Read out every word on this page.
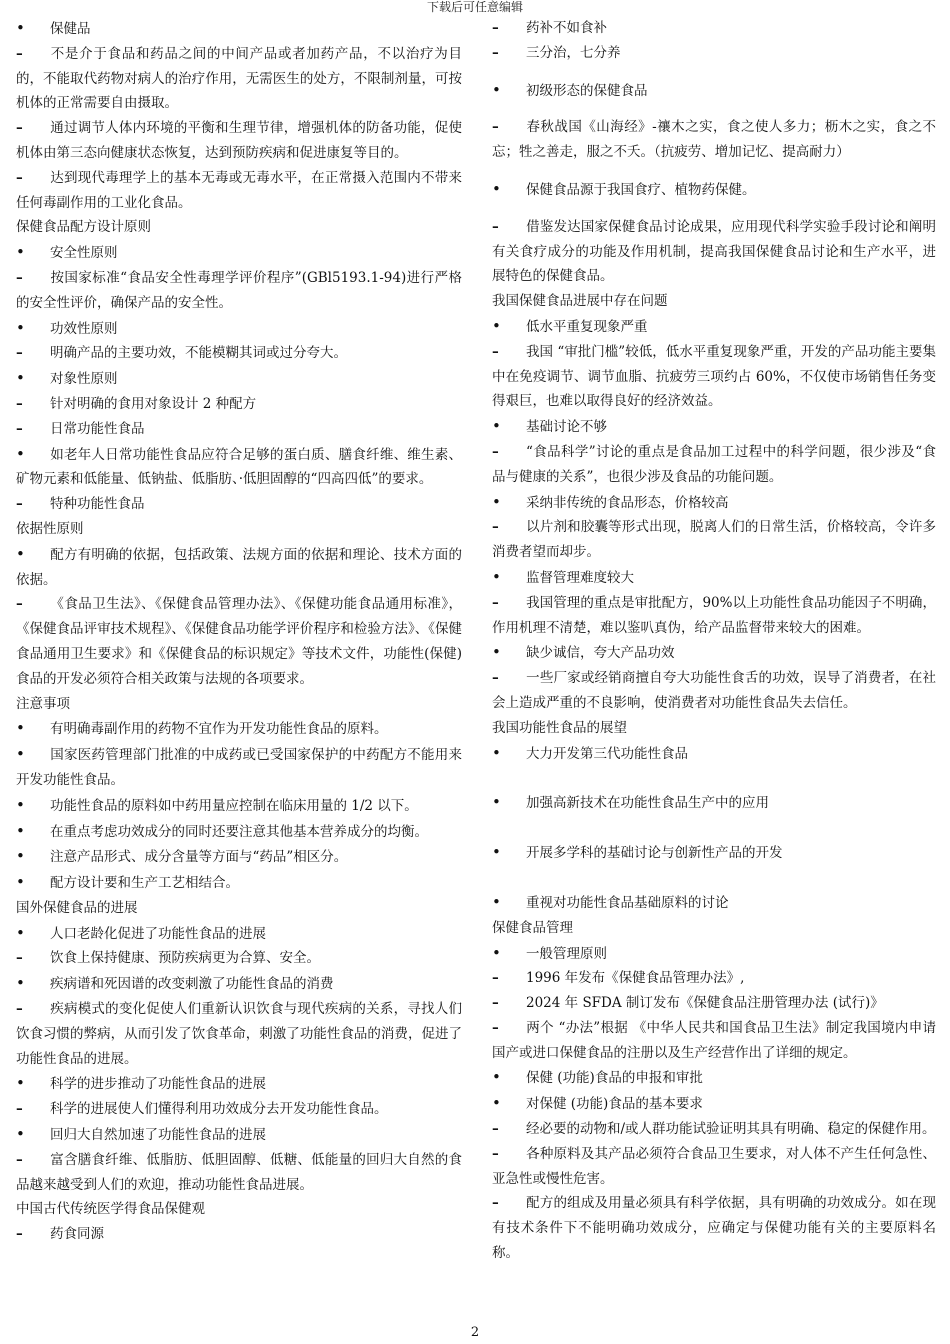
下载后可任意编辑

• 保健品

– 不是介于食品和药品之间的中间产品或者加药产品，不以治疗为目的，不能取代药物对病人的治疗作用，无需医生的处方，不限制剂量，可按机体的正常需要自由摄取。

– 通过调节人体内环境的平衡和生理节律，增强机体的防备功能，促使机体由第三态向健康状态恢复，达到预防疾病和促进康复等目的。

– 达到现代毒理学上的基本无毒或无毒水平，在正常摄入范围内不带来任何毒副作用的工业化食品。

保健食品配方设计原则

• 安全性原则

– 按国家标准“食品安全性毒理学评价程序”(GBl5193.1-94)进行严格的安全性评价，确保产品的安全性。

• 功效性原则

– 明确产品的主要功效，不能模糊其词或过分夸大。

• 对象性原则

– 针对明确的食用对象设计 2 种配方

– 日常功能性食品

• 如老年人日常功能性食品应符合足够的蛋白质、膳食纤维、维生素、矿物元素和低能量、低钠盐、低脂肪、·低胆固醇的“四高四低”的要求。

– 特种功能性食品

依据性原则

• 配方有明确的依据，包括政策、法规方面的依据和理论、技术方面的依据。

– 《食品卫生法》、《保健食品管理办法》、《保健功能食品通用标准》，《保健食品评审技术规程》、《保健食品功能学评价程序和检验方法》、《保健食品通用卫生要求》和《保健食品的标识规定》等技术文件，功能性(保健)食品的开发必须符合相关政策与法规的各项要求。

注意事项

• 有明确毒副作用的药物不宜作为开发功能性食品的原料。

• 国家医药管理部门批准的中成药或已受国家保护的中药配方不能用来开发功能性食品。

• 功能性食品的原料如中药用量应控制在临床用量的 1/2 以下。

• 在重点考虑功效成分的同时还要注意其他基本营养成分的均衡。

• 注意产品形式、成分含量等方面与“药品”相区分。

• 配方设计要和生产工艺相结合。

国外保健食品的进展

• 人口老龄化促进了功能性食品的进展

– 饮食上保持健康、预防疾病更为合算、安全。

• 疾病谱和死因谱的改变刺激了功能性食品的消费

– 疾病模式的变化促使人们重新认识饮食与现代疾病的关系，寻找人们饮食习惯的弊病，从而引发了饮食革命，刺激了功能性食品的消费，促进了功能性食品的进展。

• 科学的进步推动了功能性食品的进展

– 科学的进展使人们懂得利用功效成分去开发功能性食品。

• 回归大自然加速了功能性食品的进展

– 富含膳食纤维、低脂肪、低胆固醇、低糖、低能量的回归大自然的食品越来越受到人们的欢迎，推动功能性食品进展。

中国古代传统医学得食品保健观

– 药食同源

– 药补不如食补

– 三分治，七分养

• 初级形态的保健食品

– 春秋战国《山海经》-禳木之实，食之使人多力；枥木之实，食之不忘；牲之善走，服之不夭。（抗疲劳、增加记忆、提高耐力）

• 保健食品源于我国食疗、植物药保健。

– 借鉴发达国家保健食品讨论成果，应用现代科学实验手段讨论和阐明有关食疗成分的功能及作用机制，提高我国保健食品讨论和生产水平，进展特色的保健食品。

我国保健食品进展中存在问题

• 低水平重复现象严重

– 我国 “审批门槛”较低，低水平重复现象严重，开发的产品功能主要集中在免疫调节、调节血脂、抗疲劳三项约占 60%，不仅使市场销售任务变得艰巨，也难以取得良好的经济效益。

• 基础讨论不够

– “食品科学”讨论的重点是食品加工过程中的科学问题，很少涉及“食品与健康的关系”，也很少涉及食品的功能问题。

• 采纳非传统的食品形态，价格较高

– 以片剂和胶囊等形式出现，脱离人们的日常生活，价格较高，令许多消费者望而却步。

• 监督管理难度较大

– 我国管理的重点是审批配方，90%以上功能性食品功能因子不明确，作用机理不清楚，难以鉴叭真伪，给产品监督带来较大的困难。

• 缺少诚信，夸大产品功效

– 一些厂家或经销商擅自夸大功能性食舌的功效，误导了消费者，在社会上造成严重的不良影响，使消费者对功能性食品失去信任。

我国功能性食品的展望

• 大力开发第三代功能性食品

• 加强高新技术在功能性食品生产中的应用

• 开展多学科的基础讨论与创新性产品的开发

• 重视对功能性食品基础原料的讨论

保健食品管理

• 一般管理原则

– 1996 年发布《保健食品管理办法》,

– 2024 年 SFDA 制订发布《保健食品注册管理办法 (试行)》

– 两个 “办法”根据 《中华人民共和国食品卫生法》制定我国境内申请国产或进口保健食品的注册以及生产经营作出了详细的规定。

• 保健 (功能)食品的申报和审批

• 对保健 (功能)食品的基本要求

– 经必要的动物和/或人群功能试验证明其具有明确、稳定的保健作用。

– 各种原料及其产品必须符合食品卫生要求，对人体不产生任何急性、亚急性或慢性危害。

– 配方的组成及用量必须具有科学依据，具有明确的功效成分。如在现有技术条件下不能明确功效成分，应确定与保健功能有关的主要原料名称。

2
